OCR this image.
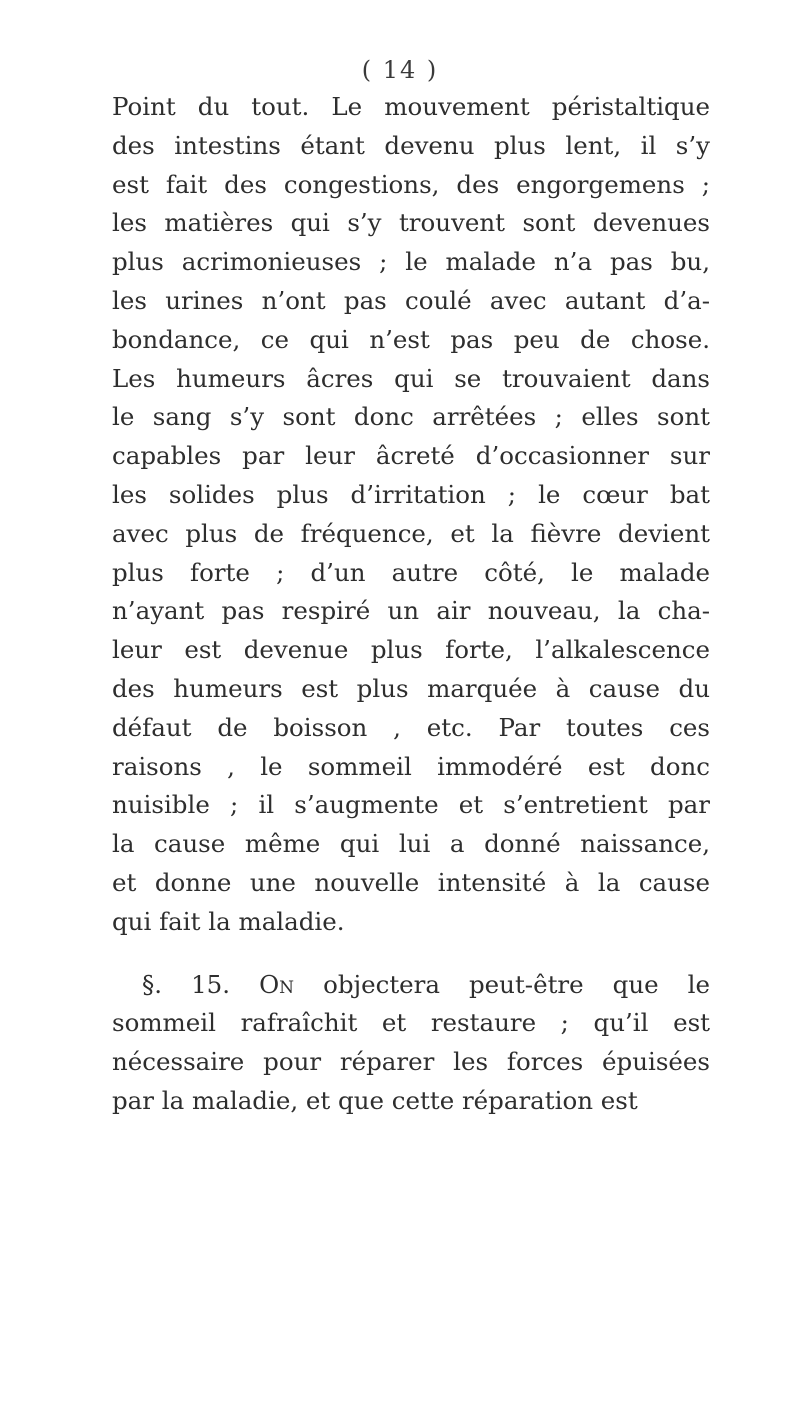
( 14 )
Point du tout. Le mouvement péristaltique
des intestins étant devenu plus lent, il s’y
est fait des congestions, des engorgemens ;
les matières qui s’y trouvent sont devenues
plus acrimonieuses ; le malade n’a pas bu,
les urines n’ont pas coulé avec autant d’a-
bondance, ce qui n’est pas peu de chose.
Les humeurs âcres qui se trouvaient dans
le sang s’y sont donc arrêtées ; elles sont
capables par leur âcreté d’occasionner sur
les solides plus d’irritation ; le cœur bat
avec plus de fréquence, et la fièvre devient
plus forte ; d’un autre côté, le malade
n’ayant pas respiré un air nouveau, la cha-
leur est devenue plus forte, l’alkalescence
des humeurs est plus marquée à cause du
défaut de boisson , etc. Par toutes ces
raisons , le sommeil immodéré est donc
nuisible ; il s’augmente et s’entretient par
la cause même qui lui a donné naissance,
et donne une nouvelle intensité à la cause
qui fait la maladie.
§. 15. On objectera peut-être que le
sommeil rafraîchit et restaure ; qu’il est
nécessaire pour réparer les forces épuisées
par la maladie, et que cette réparation est
